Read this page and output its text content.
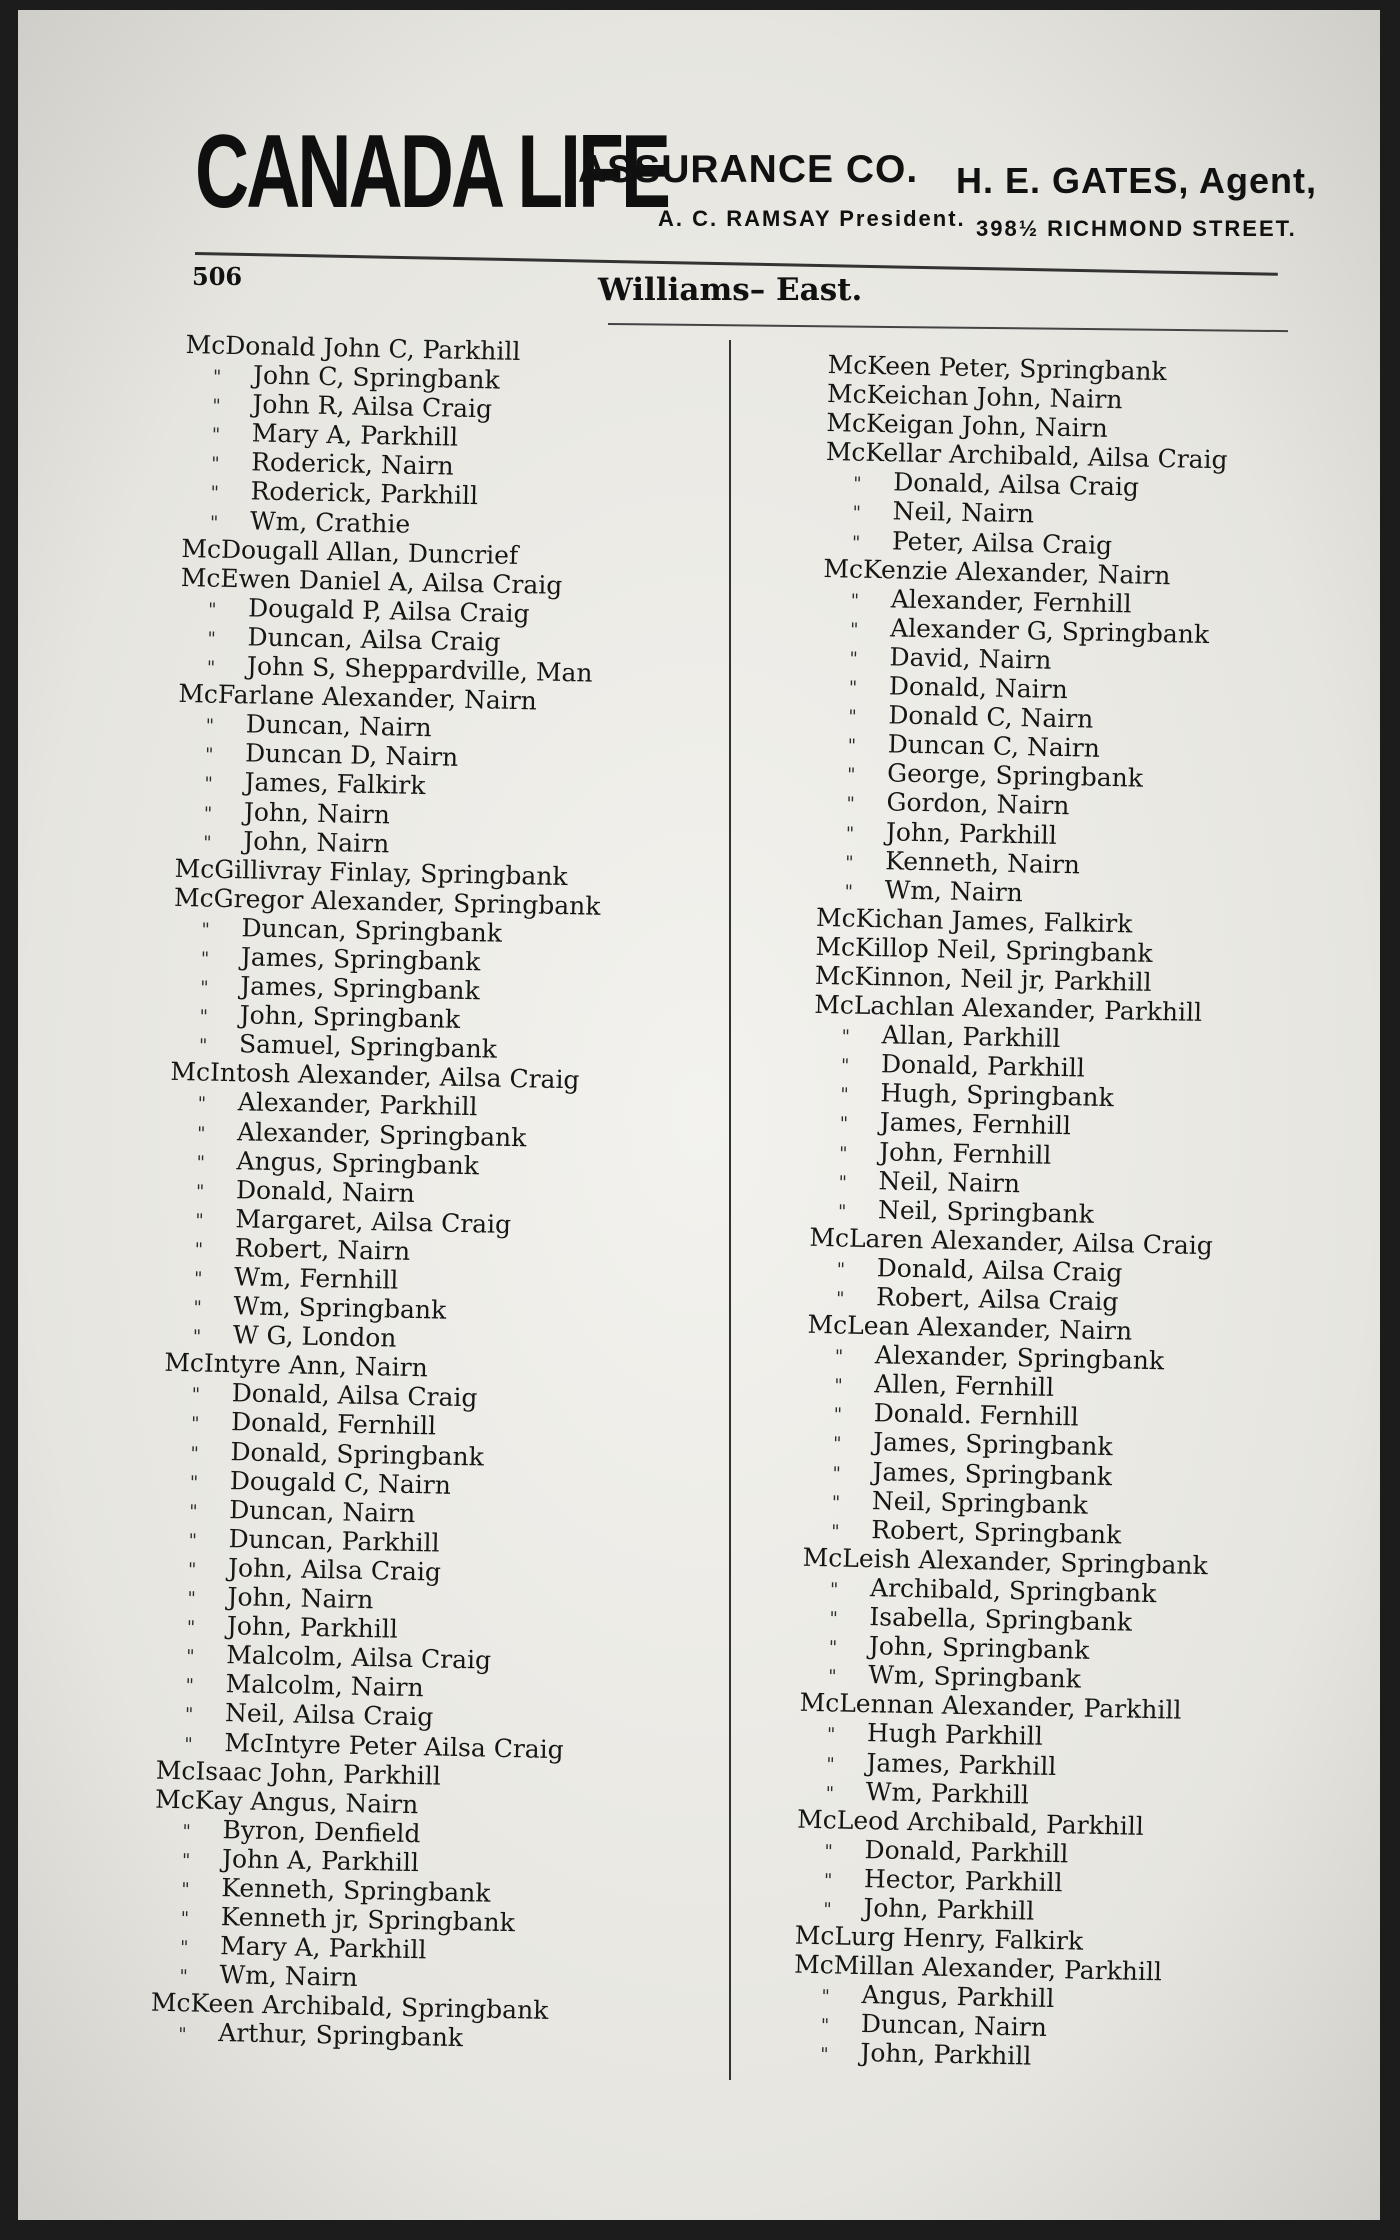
CANADA LIFE
ASSURANCE CO. H. E. GATES, Agent,
A. C. RAMSAY President. 398½ RICHMOND STREET.
506	Williams– East.
McDonald John C, Parkhill
" John C, Springbank
" John R, Ailsa Craig
" Mary A, Parkhill
" Roderick, Nairn
" Roderick, Parkhill
" Wm, Crathie
McDougall Allan, Duncrief
McEwen Daniel A, Ailsa Craig
" Dougald P, Ailsa Craig
" Duncan, Ailsa Craig
" John S, Sheppardville, Man
McFarlane Alexander, Nairn
" Duncan, Nairn
" Duncan D, Nairn
" James, Falkirk
" John, Nairn
" John, Nairn
McGillivray Finlay, Springbank
McGregor Alexander, Springbank
" Duncan, Springbank
" James, Springbank
" James, Springbank
" John, Springbank
" Samuel, Springbank
McIntosh Alexander, Ailsa Craig
" Alexander, Parkhill
" Alexander, Springbank
" Angus, Springbank
" Donald, Nairn
" Margaret, Ailsa Craig
" Robert, Nairn
" Wm, Fernhill
" Wm, Springbank
" W G, London
McIntyre Ann, Nairn
" Donald, Ailsa Craig
" Donald, Fernhill
" Donald, Springbank
" Dougald C, Nairn
" Duncan, Nairn
" Duncan, Parkhill
" John, Ailsa Craig
" John, Nairn
" John, Parkhill
" Malcolm, Ailsa Craig
" Malcolm, Nairn
" Neil, Ailsa Craig
" McIntyre Peter Ailsa Craig
McIsaac John, Parkhill
McKay Angus, Nairn
" Byron, Denfield
" John A, Parkhill
" Kenneth, Springbank
" Kenneth jr, Springbank
" Mary A, Parkhill
" Wm, Nairn
McKeen Archibald, Springbank
" Arthur, Springbank
McKeen Peter, Springbank
McKeichan John, Nairn
McKeigan John, Nairn
McKellar Archibald, Ailsa Craig
" Donald, Ailsa Craig
" Neil, Nairn
" Peter, Ailsa Craig
McKenzie Alexander, Nairn
" Alexander, Fernhill
" Alexander G, Springbank
" David, Nairn
" Donald, Nairn
" Donald C, Nairn
" Duncan C, Nairn
" George, Springbank
" Gordon, Nairn
" John, Parkhill
" Kenneth, Nairn
" Wm, Nairn
McKichan James, Falkirk
McKillop Neil, Springbank
McKinnon, Neil jr, Parkhill
McLachlan Alexander, Parkhill
" Allan, Parkhill
" Donald, Parkhill
" Hugh, Springbank
" James, Fernhill
" John, Fernhill
" Neil, Nairn
" Neil, Springbank
McLaren Alexander, Ailsa Craig
" Donald, Ailsa Craig
" Robert, Ailsa Craig
McLean Alexander, Nairn
" Alexander, Springbank
" Allen, Fernhill
" Donald. Fernhill
" James, Springbank
" James, Springbank
" Neil, Springbank
" Robert, Springbank
McLeish Alexander, Springbank
" Archibald, Springbank
" Isabella, Springbank
" John, Springbank
" Wm, Springbank
McLennan Alexander, Parkhill
" Hugh Parkhill
" James, Parkhill
" Wm, Parkhill
McLeod Archibald, Parkhill
" Donald, Parkhill
" Hector, Parkhill
" John, Parkhill
McLurg Henry, Falkirk
McMillan Alexander, Parkhill
" Angus, Parkhill
" Duncan, Nairn
" John, Parkhill
